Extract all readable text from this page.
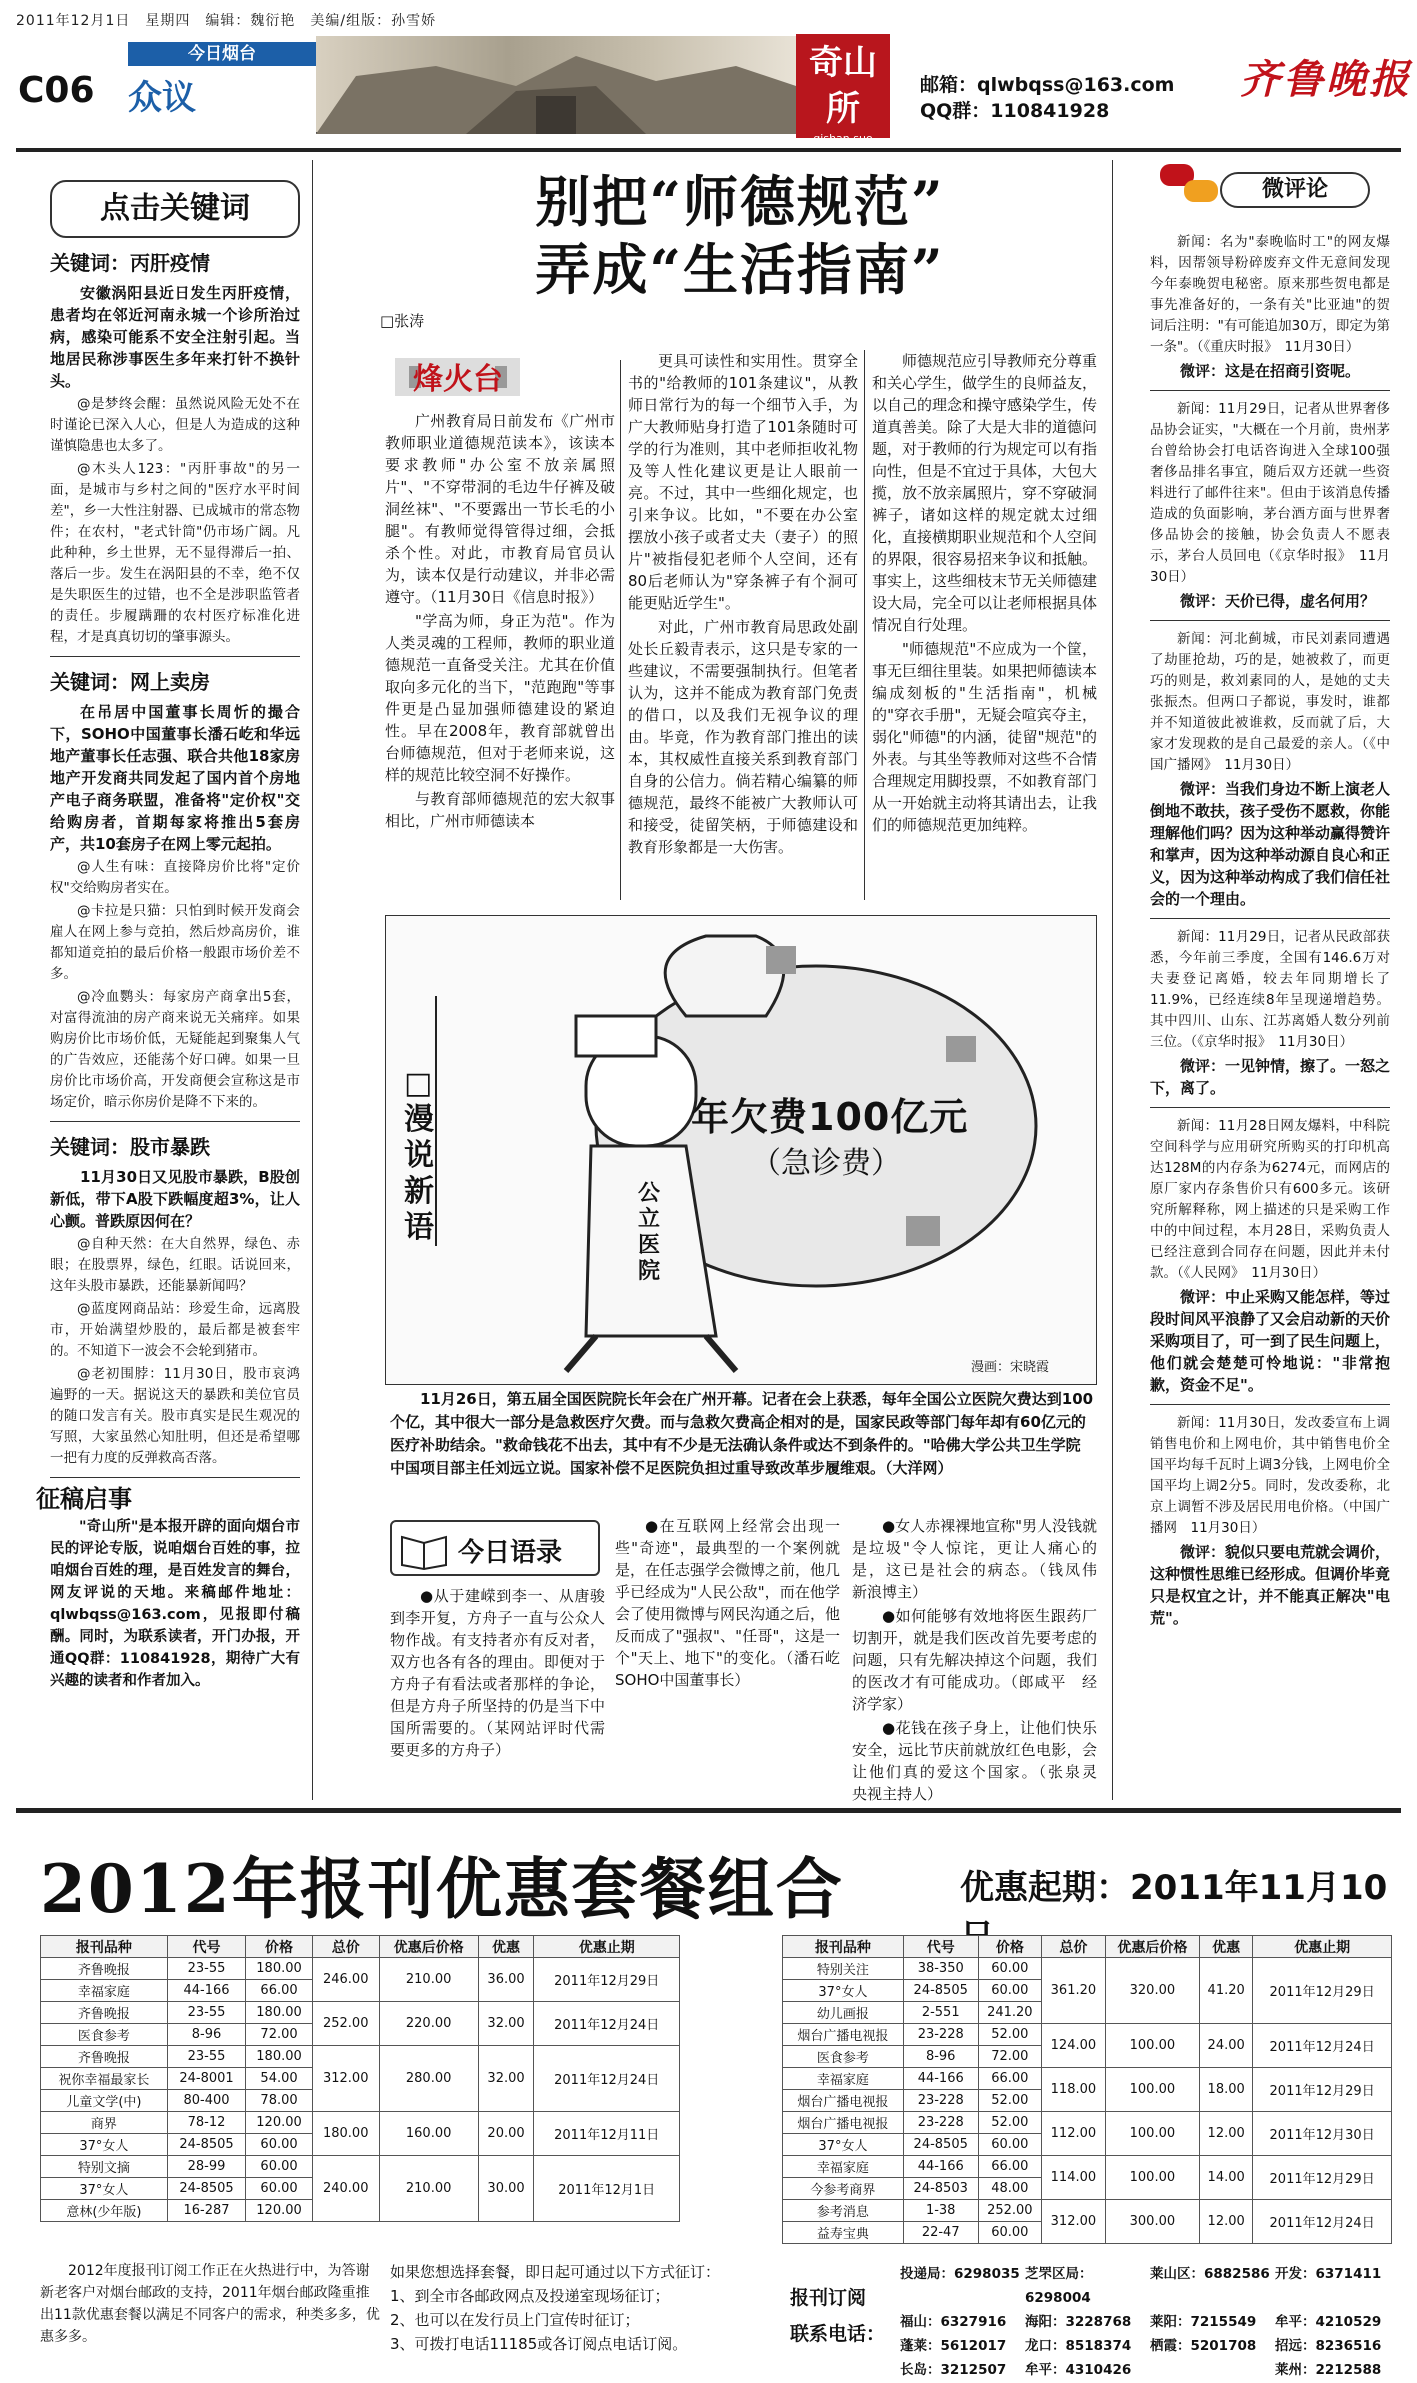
2011年12月1日　星期四　编辑：魏衍艳　美编/组版：孙雪娇
C06
今日烟台
众议
奇山所
qishan suo
邮箱：qlwbqss@163.com
QQ群：110841928
齐鲁晚报
点击关键词
关键词：丙肝疫情

安徽涡阳县近日发生丙肝疫情，患者均在邻近河南永城一个诊所治过病，感染可能系不安全注射引起。当地居民称涉事医生多年来打针不换针头。

@是梦终会醒：虽然说风险无处不在时谨论已深入人心，但是人为造成的这种谨慎隐患也太多了。

@木头人123："丙肝事故"的另一面，是城市与乡村之间的"医疗水平时间差"，乡一大性注射器、已成城市的常态物件；在农村，"老式针筒"仍市场广阔。凡此种种，乡土世界，无不显得滞后一拍、落后一步。发生在涡阳县的不幸，绝不仅是失职医生的过错，也不全是涉职监管者的责任。步履蹒跚的农村医疗标准化进程，才是真真切切的肇事源头。

关键词：网上卖房

在吊居中国董事长周忻的撮合下，SOHO中国董事长潘石屹和华远地产董事长任志强、联合共他18家房地产开发商共同发起了国内首个房地产电子商务联盟，准备将"定价权"交给购房者，首期每家将推出5套房产，共10套房子在网上零元起拍。

@人生有味：直接降房价比将"定价权"交给购房者实在。

@卡拉是只猫：只怕到时候开发商会雇人在网上参与竞拍，然后炒高房价，谁都知道竞拍的最后价格一般跟市场价差不多。

@冷血鹦头：每家房产商拿出5套，对富得流油的房产商来说无关痛痒。如果购房价比市场价低，无疑能起到聚集人气的广告效应，还能荡个好口碑。如果一旦房价比市场价高，开发商便会宣称这是市场定价，暗示你房价是降不下来的。

关键词：股市暴跌

11月30日又见股市暴跌，B股创新低，带下A股下跌幅度超3%，让人心颤。普跌原因何在？

@自种天然：在大自然界，绿色、赤眼；在股票界，绿色，红眼。话说回来，这年头股市暴跌，还能暴新闻吗？

@蓝度网商品站：珍爱生命，远离股市，开始满望炒股的，最后都是被套牢的。不知道下一波会不会轮到猪市。

@老初围脖：11月30日，股市哀鸿遍野的一天。据说这天的暴跌和美位官员的随口发言有关。股市真实是民生观况的写照，大家虽然心知肚明，但还是希望哪一把有力度的反弹救高否落。

征稿启事

"奇山所"是本报开辟的面向烟台市民的评论专版，说咱烟台百姓的事，拉咱烟台百姓的理，是百姓发言的舞台，网友评说的天地。来稿邮件地址：qlwbqss@163.com，见报即付稿酬。同时，为联系读者，开门办报，开通QQ群：110841928，期待广大有兴趣的读者和作者加入。

别把“师德规范”
弄成“生活指南”
□张涛
烽火台

广州教育局日前发布《广州市教师职业道德规范读本》，该读本要求教师"办公室不放亲属照片"、"不穿带洞的毛边牛仔裤及破洞丝袜"、"不要露出一节长毛的小腿"。有教师觉得管得过细，会抵杀个性。对此，市教育局官员认为，读本仅是行动建议，并非必需遵守。（11月30日《信息时报》）

"学高为师，身正为范"。作为人类灵魂的工程师，教师的职业道德规范一直备受关注。尤其在价值取向多元化的当下，"范跑跑"等事件更是凸显加强师德建设的紧迫性。早在2008年，教育部就曾出台师德规范，但对于老师来说，这样的规范比较空洞不好操作。

与教育部师德规范的宏大叙事相比，广州市师德读本

更具可读性和实用性。贯穿全书的"给教师的101条建议"，从教师日常行为的每一个细节入手，为广大教师贴身打造了101条随时可学的行为准则，其中老师拒收礼物及等人性化建议更是让人眼前一亮。不过，其中一些细化规定，也引来争议。比如，"不要在办公室摆放小孩子或者丈夫（妻子）的照片"被指侵犯老师个人空间，还有80后老师认为"穿条裤子有个洞可能更贴近学生"。

对此，广州市教育局思政处副处长丘毅青表示，这只是专家的一些建议，不需要强制执行。但笔者认为，这并不能成为教育部门免责的借口，以及我们无视争议的理由。毕竟，作为教育部门推出的读本，其权威性直接关系到教育部门自身的公信力。倘若精心编纂的师德规范，最终不能被广大教师认可和接受，徒留笑柄，于师德建设和教育形象都是一大伤害。

师德规范应引导教师充分尊重和关心学生，做学生的良师益友，以自己的理念和操守感染学生，传道真善美。除了大是大非的道德问题，对于教师的行为规定可以有指向性，但是不宜过于具体，大包大揽，放不放亲属照片，穿不穿破洞裤子，诸如这样的规定就太过细化，直接横期职业规范和个人空间的界限，很容易招来争议和抵触。事实上，这些细枝末节无关师德建设大局，完全可以让老师根据具体情况自行处理。

"师德规范"不应成为一个筐，事无巨细往里装。如果把师德读本编成刻板的"生活指南"，机械的"穿衣手册"，无疑会喧宾夺主，弱化"师德"的内涵，徒留"规范"的外表。与其坐等教师对这些不合情合理规定用脚投票，不如教育部门从一开始就主动将其请出去，让我们的师德规范更加纯粹。

□漫说新语
年欠费100亿元
（急诊费）
公立医院
漫画：宋晓霞
11月26日，第五届全国医院院长年会在广州开幕。记者在会上获悉，每年全国公立医院欠费达到100个亿，其中很大一部分是急救医疗欠费。而与急救欠费高企相对的是，国家民政等部门每年却有60亿元的医疗补助结余。"救命钱花不出去，其中有不少是无法确认条件或达不到条件的。"哈佛大学公共卫生学院中国项目部主任刘远立说。国家补偿不足医院负担过重导致改革步履维艰。（大洋网）
今日语录

●从于建嵘到李一、从唐骏到李开复，方舟子一直与公众人物作战。有支持者亦有反对者，双方也各有各的理由。即便对于方舟子有看法或者那样的争论，但是方舟子所坚持的仍是当下中国所需要的。（某网站评时代需要更多的方舟子）

●在互联网上经常会出现一些"奇迹"，最典型的一个案例就是，在任志强学会微博之前，他几乎已经成为"人民公敌"，而在他学会了使用微博与网民沟通之后，他反而成了"强叔"、"任哥"，这是一个"天上、地下"的变化。（潘石屹　SOHO中国董事长）

●女人赤裸裸地宣称"男人没钱就是垃圾"令人惊诧，更让人痛心的是，这已是社会的病态。（钱凤伟　新浪博主）

●如何能够有效地将医生跟药厂切割开，就是我们医改首先要考虑的问题，只有先解决掉这个问题，我们的医改才有可能成功。（郎咸平　经济学家）

●花钱在孩子身上，让他们快乐安全，远比节庆前就放红色电影，会让他们真的爱这个国家。（张泉灵　央视主持人）

微评论

新闻：名为"泰晚临时工"的网友爆料，因帮领导粉碎废弃文件无意间发现今年泰晚贺电秘密。原来那些贺电都是事先准备好的，一条有关"比亚迪"的贺词后注明："有可能追加30万，即定为第一条"。（《重庆时报》　11月30日）

微评：这是在招商引资呢。

新闻：11月29日，记者从世界奢侈品协会证实，"大概在一个月前，贵州茅台曾给协会打电话咨询进入全球100强奢侈品排名事宜，随后双方还就一些资料进行了邮件往来"。但由于该消息传播造成的负面影响，茅台酒方面与世界奢侈品协会的接触，协会负责人不愿表示，茅台人员回电（《京华时报》　11月30日）

微评：天价已得，虚名何用？

新闻：河北蓟城，市民刘素同遭遇了劫匪抢劫，巧的是，她被救了，而更巧的则是，救刘素同的人，是她的丈夫张振杰。但两口子都说，事发时，谁都并不知道彼此被谁救，反而就了后，大家才发现救的是自己最爱的亲人。（《中国广播网》　11月30日）

微评：当我们身边不断上演老人倒地不敢扶，孩子受伤不愿救，你能理解他们吗？因为这种举动赢得赞许和掌声，因为这种举动源自良心和正义，因为这种举动构成了我们信任社会的一个理由。

新闻：11月29日，记者从民政部获悉，今年前三季度，全国有146.6万对夫妻登记离婚，较去年同期增长了11.9%，已经连续8年呈现递增趋势。其中四川、山东、江苏离婚人数分列前三位。（《京华时报》　11月30日）

微评：一见钟情，擦了。一怒之下，离了。

新闻：11月28日网友爆料，中科院空间科学与应用研究所购买的打印机高达128M的内存条为6274元，而网店的原厂家内存条售价只有600多元。该研究所解释称，网上描述的只是采购工作中的中间过程，本月28日，采购负责人已经注意到合同存在问题，因此并未付款。（《人民网》　11月30日）

微评：中止采购又能怎样，等过段时间风平浪静了又会启动新的天价采购项目了，可一到了民生问题上，他们就会楚楚可怜地说："非常抱歉，资金不足"。

新闻：11月30日，发改委宣布上调销售电价和上网电价，其中销售电价全国平均每千瓦时上调3分钱，上网电价全国平均上调2分5。同时，发改委称，北京上调暂不涉及居民用电价格。（中国广播网　11月30日）

微评：貌似只要电荒就会调价，这种惯性思维已经形成。但调价毕竟只是权宜之计，并不能真正解决"电荒"。

2012年报刊优惠套餐组合	优惠起期：2011年11月10
报刊品种	代号	价格	总价	优惠后价格	优惠	优惠止期
齐鲁晚报	23-55	180.00	246.00	210.00	36.00	2011年12月29日
幸福家庭	44-166	66.00				
齐鲁晚报	23-55	180.00	252.00	220.00	32.00	2011年12月24日
医食参考	8-96	72.00				
齐鲁晚报	23-55	180.00	312.00	280.00	32.00	2011年12月24日
祝你幸福最家长	24-8001	54.00				
儿童文学(中)	80-400	78.00				
商界	78-12	120.00	180.00	160.00	20.00	2011年12月11日
37°女人	24-8505	60.00				
特别文摘	28-99	60.00	240.00	210.00	30.00	2011年12月1日
37°女人	24-8505	60.00				
意林(少年版)	16-287	120.00				
报刊品种	代号	价格	总价	优惠后价格	优惠	优惠止期
特别关注	38-350	60.00	361.20	320.00	41.20	2011年12月29日
37°女人	24-8505	60.00				
幼儿画报	2-551	241.20				
烟台广播电视报	23-228	52.00	124.00	100.00	24.00	2011年12月24日
医食参考	8-96	72.00				
幸福家庭	44-166	66.00	118.00	100.00	18.00	2011年12月29日
烟台广播电视报	23-228	52.00				
烟台广播电视报	23-228	52.00	112.00	100.00	12.00	2011年12月30日
37°女人	24-8505	60.00				
幸福家庭	44-166	66.00	114.00	100.00	14.00	2011年12月29日
今参考商界	24-8503	48.00				
参考消息	1-38	252.00	312.00	300.00	12.00	2011年12月24日
益寿宝典	22-47	60.00				
2012年度报刊订阅工作正在火热进行中，为答谢新老客户对烟台邮政的支持，2011年烟台邮政隆重推出11款优惠套餐以满足不同客户的需求，种类多多，优惠多多。
如果您想选择套餐，即日起可通过以下方式征订：
1、到全市各邮政网点及投递室现场征订；
2、也可以在发行员上门宣传时征订；
3、可拨打电话11185或各订阅点电话订阅。
报刊订阅
联系电话：
投递局：6298035 芝罘区局：6298004
莱山区：6882586 开发：6371411
福山：6327916	海阳：3228768	莱阳：7215549	牟平：4210529
蓬莱：5612017	龙口：8518374	栖霞：5201708	招远：8236516
长岛：3212507	牟平：4310426	莱州：2212588
